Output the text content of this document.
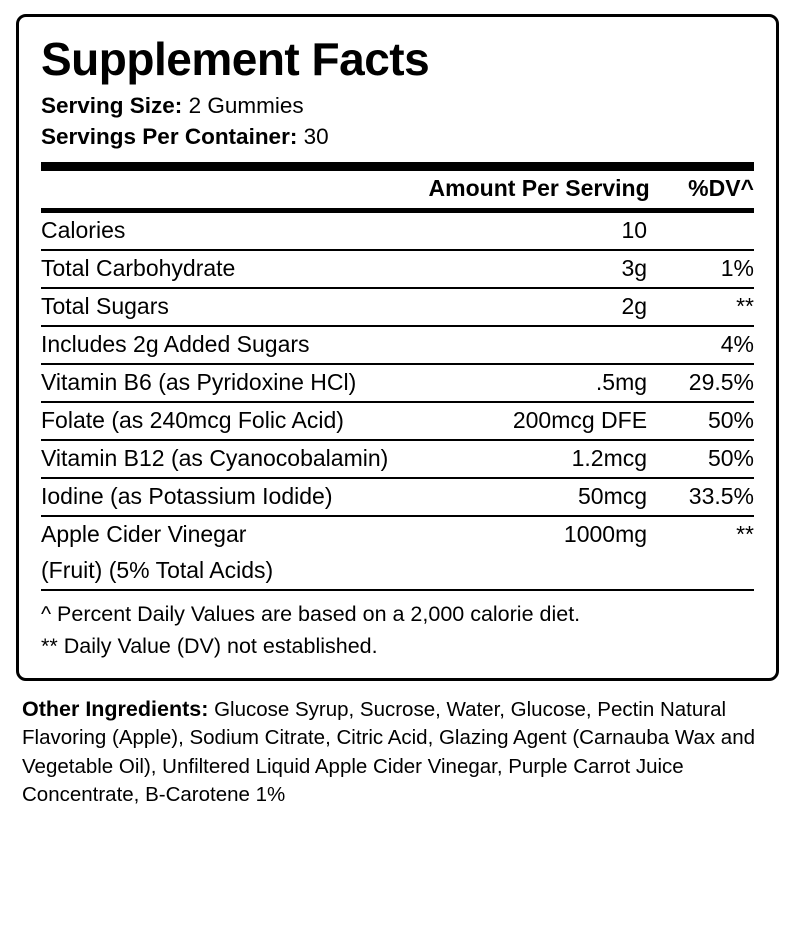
Supplement Facts
Serving Size: 2 Gummies
Servings Per Container: 30
	Amount Per Serving	%DV^
Calories	10	
Total Carbohydrate	3g	1%
Total Sugars	2g	**
Includes 2g Added Sugars		4%
Vitamin B6 (as Pyridoxine HCl)	.5mg	29.5%
Folate (as 240mcg Folic Acid)	200mcg DFE	50%
Vitamin B12 (as Cyanocobalamin)	1.2mcg	50%
Iodine (as Potassium Iodide)	50mcg	33.5%
Apple Cider Vinegar	1000mg	**
(Fruit) (5% Total Acids)		
^ Percent Daily Values are based on a 2,000 calorie diet.
** Daily Value (DV) not established.
Other Ingredients: Glucose Syrup, Sucrose, Water, Glucose, Pectin Natural Flavoring (Apple), Sodium Citrate, Citric Acid, Glazing Agent (Carnauba Wax and Vegetable Oil), Unfiltered Liquid Apple Cider Vinegar, Purple Carrot Juice Concentrate, B-Carotene 1%
